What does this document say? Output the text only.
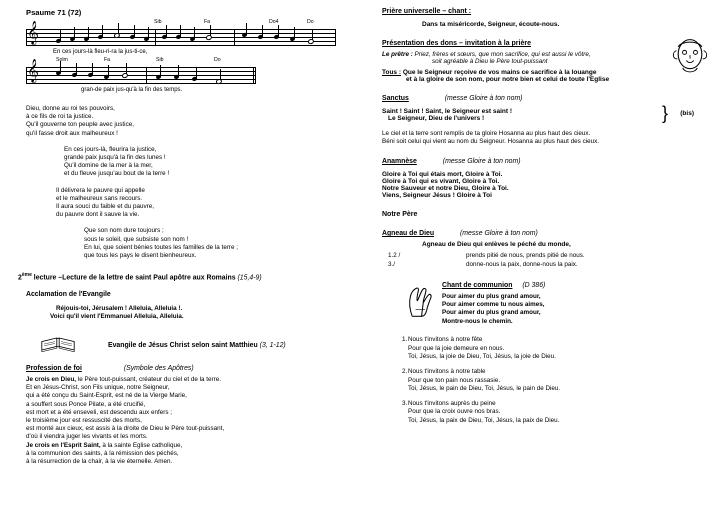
Psaume 71 (72)
𝄞	Sib	Fa	Do4	Do
En ces jours-là fleu-ri-ra la jus-ti-ce,
𝄞	Solm	Fa	Sib	Do
gran-de paix jus-qu'à la fin des temps.
Dieu, donne au roi tes pouvoirs,
à ce fils de roi ta justice.
Qu'il gouverne ton peuple avec justice,
qu'il fasse droit aux malheureux !
En ces jours-là, fleurira la justice,
grande paix jusqu'à la fin des lunes !
Qu'il domine de la mer à la mer,
et du fleuve jusqu'au bout de la terre !
Il délivrera le pauvre qui appelle
et le malheureux sans recours.
Il aura souci du faible et du pauvre,
du pauvre dont il sauve la vie.
Que son nom dure toujours ;
sous le soleil, que subsiste son nom !
En lui, que soient bénies toutes les familles de la terre ;
que tous les pays le disent bienheureux.
2ème lecture –Lecture de la lettre de saint Paul apôtre aux Romains (15,4-9)
Acclamation de l'Evangile
Réjouis-toi, Jérusalem ! Alleluia, Alleluia !.
Voici qu'il vient l'Emmanuel Alleluia, Alleluia.
Evangile de Jésus Christ selon saint Matthieu (3, 1-12)
Profession de foi	(Symbole des Apôtres)
Je crois en Dieu, le Père tout-puissant, créateur du ciel et de la terre.
Et en Jésus-Christ, son Fils unique, notre Seigneur,
qui a été conçu du Saint-Esprit, est né de la Vierge Marie,
a souffert sous Ponce Pilate, a été crucifié,
est mort et a été enseveli, est descendu aux enfers ;
le troisième jour est ressuscité des morts,
est monté aux cieux, est assis à la droite de Dieu le Père tout-puissant,
d'où il viendra juger les vivants et les morts.
Je crois en l'Esprit Saint, à la sainte Eglise catholique,
à la communion des saints, à la rémission des péchés,
à la résurrection de la chair, à la vie éternelle. Amen.
Prière universelle – chant :
Dans ta miséricorde, Seigneur, écoute-nous.
Présentation des dons – invitation à la prière
Le prêtre : Priez, frères et sœurs, que mon sacrifice, qui est aussi le vôtre,
soit agréable à Dieu le Père tout-puissant
Tous : Que le Seigneur reçoive de vos mains ce sacrifice à la louange
et à la gloire de son nom, pour notre bien et celui de toute l'Eglise
Sanctus	(messe Gloire à ton nom)
Saint ! Saint ! Saint, le Seigneur est saint !
Le Seigneur, Dieu de l'univers !	} (bis)
Le ciel et la terre sont remplis de ta gloire Hosanna au plus haut des cieux.
Béni soit celui qui vient au nom du Seigneur. Hosanna au plus haut des cieux.
Anamnèse	(messe Gloire à ton nom)
Gloire à Toi qui étais mort, Gloire à Toi.
Gloire à Toi qui es vivant, Gloire à Toi.
Notre Sauveur et notre Dieu, Gloire à Toi.
Viens, Seigneur Jésus ! Gloire à Toi
Notre Père
Agneau de Dieu	(messe Gloire à ton nom)
Agneau de Dieu qui enlèves le péché du monde,
1.2 /	prends pitié de nous, prends pitié de nous.
3./	donne-nous la paix, donne-nous la paix.
Chant de communion (D 386)
Pour aimer du plus grand amour,
Pour aimer comme tu nous aimes,
Pour aimer du plus grand amour,
Montre-nous le chemin.
1. Nous t'invitons à notre fête
Pour que la joie demeure en nous.
Toi, Jésus, la joie de Dieu, Toi, Jésus, la joie de Dieu.
2. Nous t'invitons à notre table
Pour que ton pain nous rassasie.
Toi, Jésus, le pain de Dieu, Toi, Jésus, le pain de Dieu.
3. Nous t'invitons auprès du peine
Pour que la croix ouvre nos bras.
Toi, Jésus, la paix de Dieu, Toi, Jésus, la paix de Dieu.
